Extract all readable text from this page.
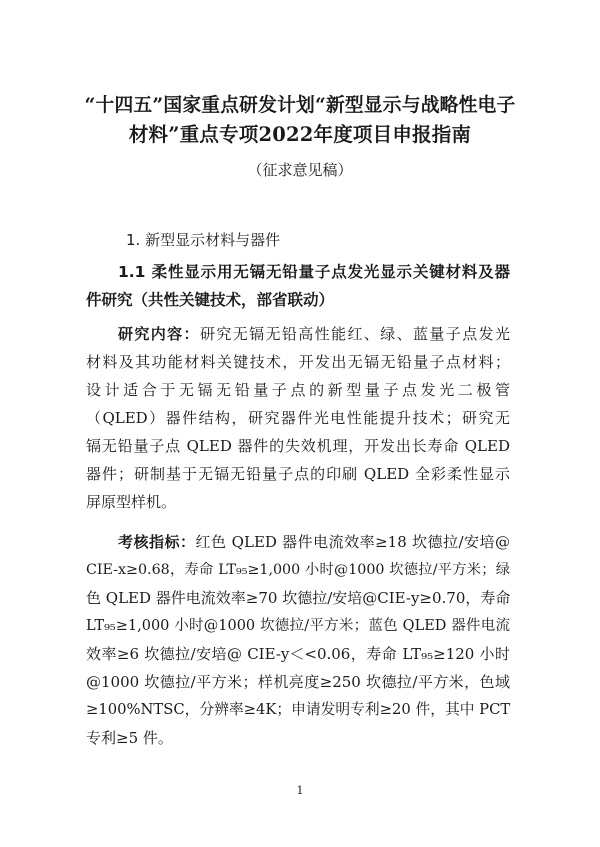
“十四五”国家重点研发计划“新型显示与战略性电子
材料”重点专项2022年度项目申报指南
（征求意见稿）
1. 新型显示材料与器件
1.1 柔性显示用无镉无铅量子点发光显示关键材料及器
件研究（共性关键技术，部省联动）
研究内容：研究无镉无铅高性能红、绿、蓝量子点发光
材料及其功能材料关键技术，开发出无镉无铅量子点材料；
设计适合于无镉无铅量子点的新型量子点发光二极管
（QLED）器件结构，研究器件光电性能提升技术；研究无
镉无铅量子点 QLED 器件的失效机理，开发出长寿命 QLED
器件；研制基于无镉无铅量子点的印刷 QLED 全彩柔性显示
屏原型样机。
考核指标：红色 QLED 器件电流效率≥18 坎德拉/安培@
CIE-x≥0.68，寿命 LT₉₅≥1,000 小时@1000 坎德拉/平方米；绿
色 QLED 器件电流效率≥70 坎德拉/安培@CIE-y≥0.70，寿命
LT₉₅≥1,000 小时@1000 坎德拉/平方米；蓝色 QLED 器件电流
效率≥6 坎德拉/安培@ CIE-y＜<0.06，寿命 LT₉₅≥120 小时
@1000 坎德拉/平方米；样机亮度≥250 坎德拉/平方米，色域
≥100%NTSC，分辨率≥4K；申请发明专利≥20 件，其中 PCT
专利≥5 件。
1
